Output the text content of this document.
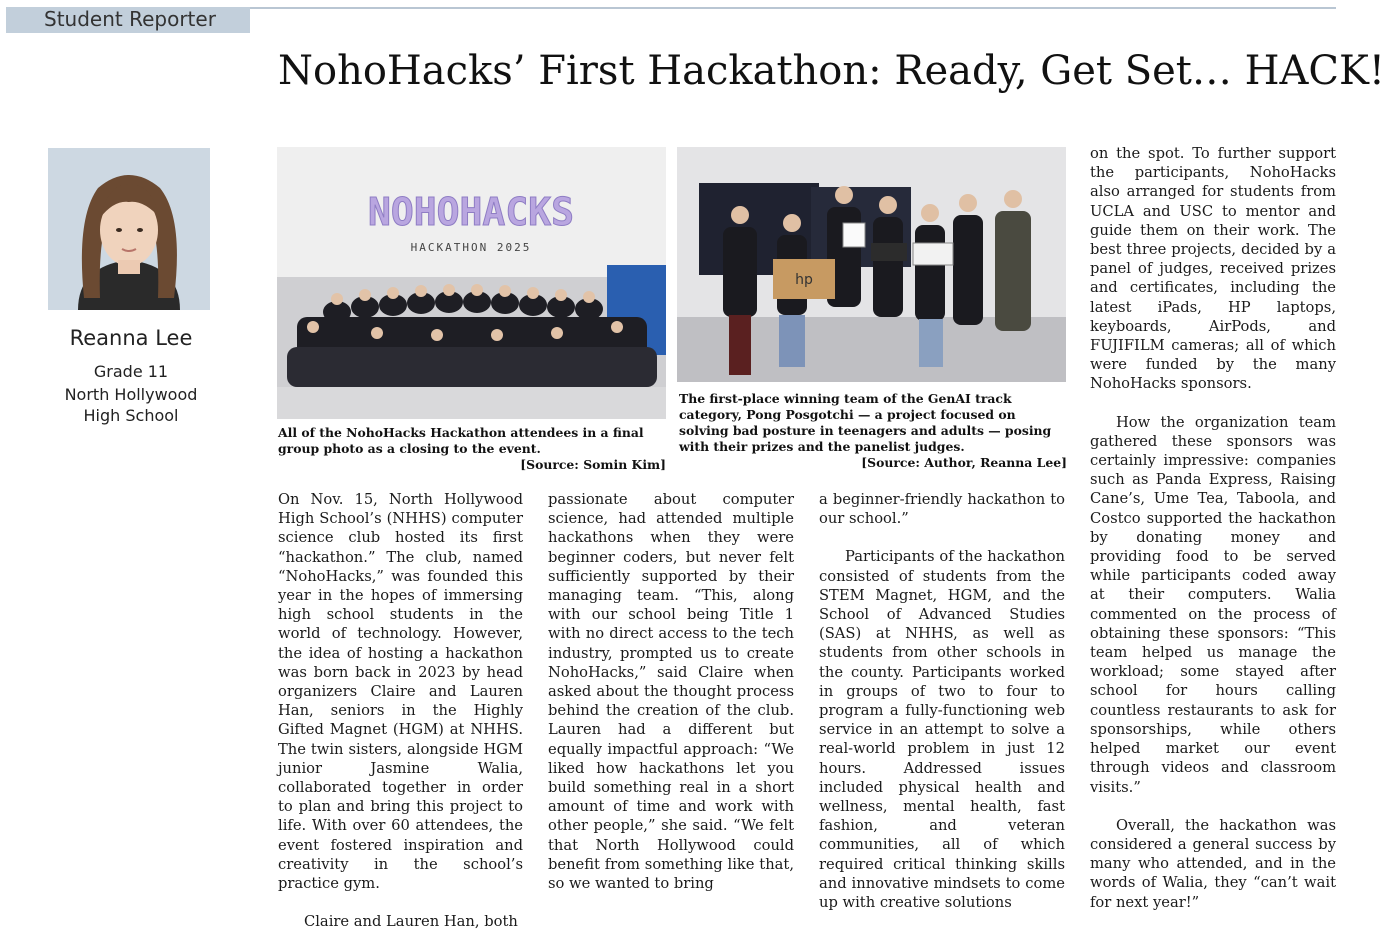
Student Reporter
NohoHacks’ First Hackathon: Ready, Get Set… HACK!
Reanna Lee
Grade 11
North Hollywood
High School
NOHOHACKS
HACKATHON 2025
All of the NohoHacks Hackathon attendees in a final group photo as a closing to the event.
[Source: Somin Kim]
hp
The first-place winning team of the GenAI track category, Pong Posgotchi — a project focused on solving bad posture in teenagers and adults — posing with their prizes and the panelist judges.
[Source: Author, Reanna Lee]

On Nov. 15, North Hollywood High School’s (NHHS) computer science club hosted its first “hackathon.” The club, named “NohoHacks,” was founded this year in the hopes of immersing high school students in the world of technology. However, the idea of hosting a hackathon was born back in 2023 by head organizers Claire and Lauren Han, seniors in the Highly Gifted Magnet (HGM) at NHHS. The twin sisters, alongside HGM junior Jasmine Walia, collaborated together in order to plan and bring this project to life. With over 60 attendees, the event fostered inspiration and creativity in the school’s practice gym.

Claire and Lauren Han, both

passionate about computer science, had attended multiple hackathons when they were beginner coders, but never felt sufficiently supported by their managing team. “This, along with our school being Title 1 with no direct access to the tech industry, prompted us to create NohoHacks,” said Claire when asked about the thought process behind the creation of the club. Lauren had a different but equally impactful approach: “We liked how hackathons let you build something real in a short amount of time and work with other people,” she said. “We felt that North Hollywood could benefit from something like that, so we wanted to bring

a beginner-friendly hackathon to our school.”

Participants of the hackathon consisted of students from the STEM Magnet, HGM, and the School of Advanced Studies (SAS) at NHHS, as well as students from other schools in the county. Participants worked in groups of two to four to program a fully-functioning web service in an attempt to solve a real-world problem in just 12 hours. Addressed issues included physical health and wellness, mental health, fast fashion, and veteran communities, all of which required critical thinking skills and innovative mindsets to come up with creative solutions

on the spot. To further support the participants, NohoHacks also arranged for students from UCLA and USC to mentor and guide them on their work. The best three projects, decided by a panel of judges, received prizes and certificates, including the latest iPads, HP laptops, keyboards, AirPods, and FUJIFILM cameras; all of which were funded by the many NohoHacks sponsors.

How the organization team gathered these sponsors was certainly impressive: companies such as Panda Express, Raising Cane’s, Ume Tea, Taboola, and Costco supported the hackathon by donating money and providing food to be served while participants coded away at their computers. Walia commented on the process of obtaining these sponsors: “This team helped us manage the workload; some stayed after school for hours calling countless restaurants to ask for sponsorships, while others helped market our event through videos and classroom visits.”

Overall, the hackathon was considered a general success by many who attended, and in the words of Walia, they “can’t wait for next year!”
